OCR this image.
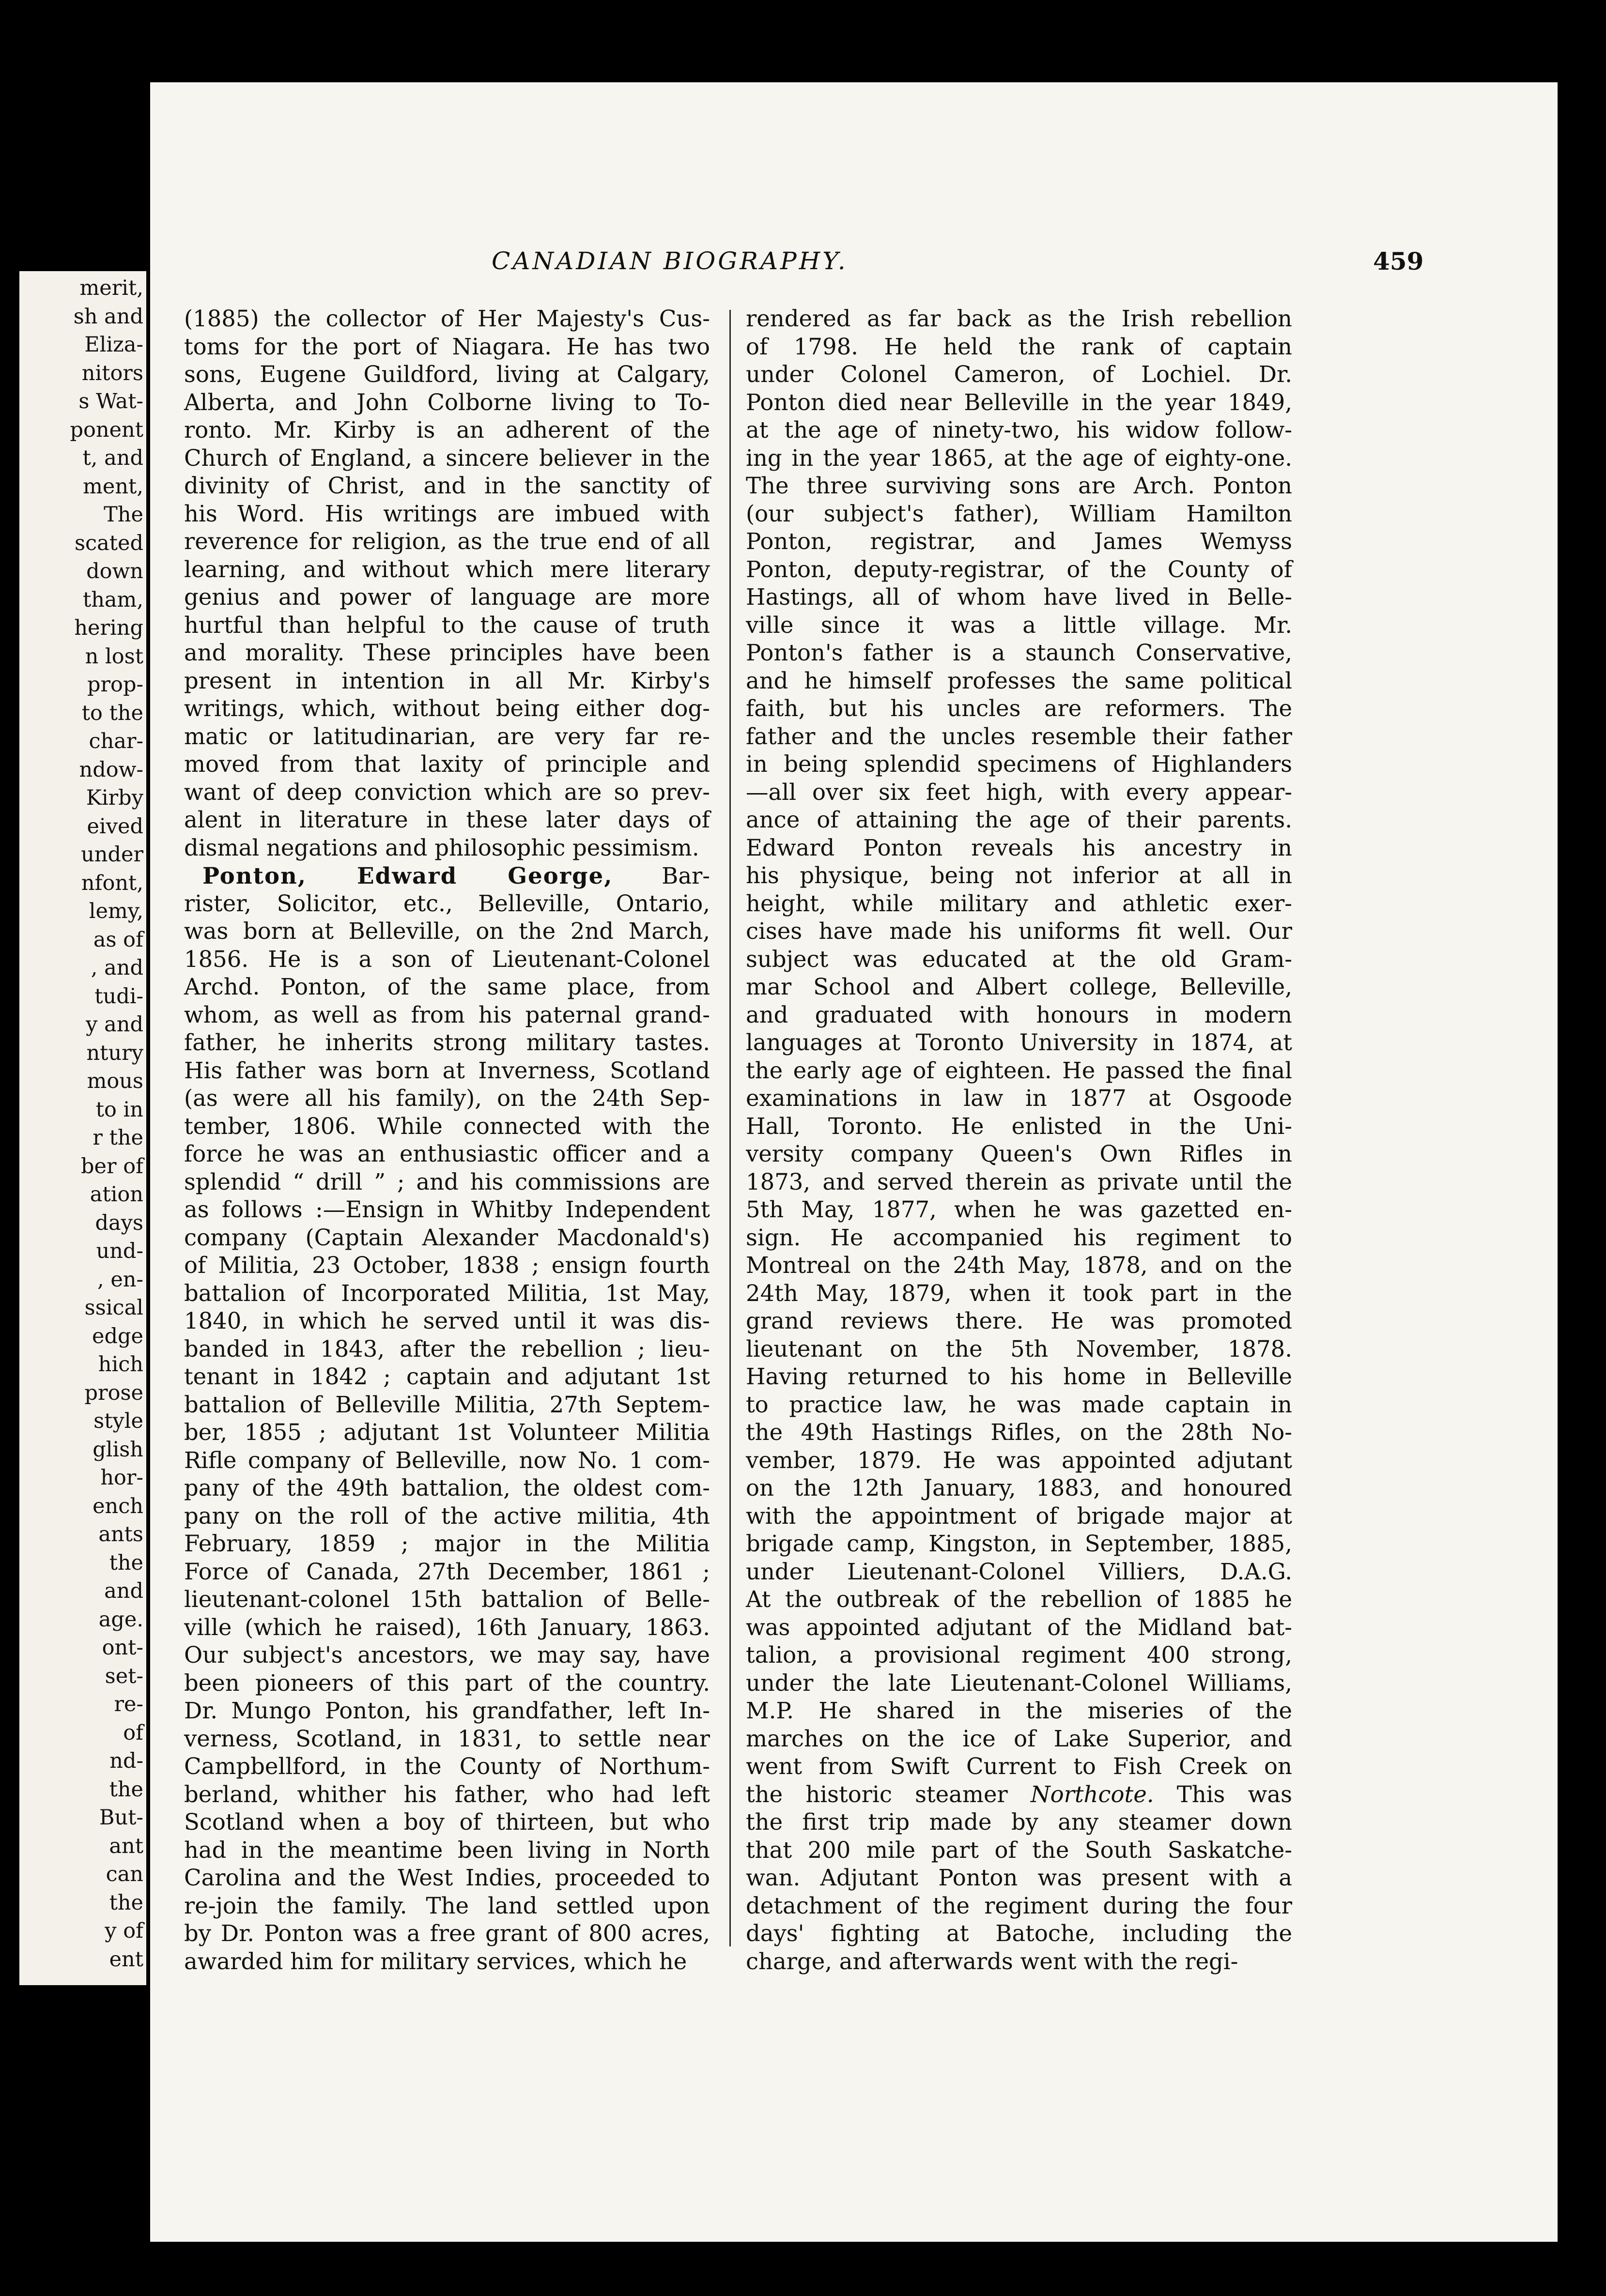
merit,
sh and
Eliza-
nitors
s Wat-
ponent
t, and
ment,
The
scated
down
tham,
hering
n lost
prop-
to the
char-
ndow-
Kirby
eived
under
nfont,
lemy,
as of
, and
tudi-
y and
ntury
mous
to in
r the
ber of
ation
days
und-
, en-
ssical
edge
hich
prose
style
glish
hor-
ench
ants
the
and
age.
ont-
set-
re-
of
nd-
the
But-
ant
can
the
y of
ent
CANADIAN BIOGRAPHY.	459
(1885) the collector of Her Majesty's Cus-
toms for the port of Niagara. He has two
sons, Eugene Guildford, living at Calgary,
Alberta, and John Colborne living to To-
ronto. Mr. Kirby is an adherent of the
Church of England, a sincere believer in the
divinity of Christ, and in the sanctity of
his Word. His writings are imbued with
reverence for religion, as the true end of all
learning, and without which mere literary
genius and power of language are more
hurtful than helpful to the cause of truth
and morality. These principles have been
present in intention in all Mr. Kirby's
writings, which, without being either dog-
matic or latitudinarian, are very far re-
moved from that laxity of principle and
want of deep conviction which are so prev-
alent in literature in these later days of
dismal negations and philosophic pessimism.
Ponton, Edward George, Bar-
rister, Solicitor, etc., Belleville, Ontario,
was born at Belleville, on the 2nd March,
1856. He is a son of Lieutenant-Colonel
Archd. Ponton, of the same place, from
whom, as well as from his paternal grand-
father, he inherits strong military tastes.
His father was born at Inverness, Scotland
(as were all his family), on the 24th Sep-
tember, 1806. While connected with the
force he was an enthusiastic officer and a
splendid “ drill ” ; and his commissions are
as follows :—Ensign in Whitby Independent
company (Captain Alexander Macdonald's)
of Militia, 23 October, 1838 ; ensign fourth
battalion of Incorporated Militia, 1st May,
1840, in which he served until it was dis-
banded in 1843, after the rebellion ; lieu-
tenant in 1842 ; captain and adjutant 1st
battalion of Belleville Militia, 27th Septem-
ber, 1855 ; adjutant 1st Volunteer Militia
Rifle company of Belleville, now No. 1 com-
pany of the 49th battalion, the oldest com-
pany on the roll of the active militia, 4th
February, 1859 ; major in the Militia
Force of Canada, 27th December, 1861 ;
lieutenant-colonel 15th battalion of Belle-
ville (which he raised), 16th January, 1863.
Our subject's ancestors, we may say, have
been pioneers of this part of the country.
Dr. Mungo Ponton, his grandfather, left In-
verness, Scotland, in 1831, to settle near
Campbellford, in the County of Northum-
berland, whither his father, who had left
Scotland when a boy of thirteen, but who
had in the meantime been living in North
Carolina and the West Indies, proceeded to
re-join the family. The land settled upon
by Dr. Ponton was a free grant of 800 acres,
awarded him for military services, which he
rendered as far back as the Irish rebellion
of 1798. He held the rank of captain
under Colonel Cameron, of Lochiel. Dr.
Ponton died near Belleville in the year 1849,
at the age of ninety-two, his widow follow-
ing in the year 1865, at the age of eighty-one.
The three surviving sons are Arch. Ponton
(our subject's father), William Hamilton
Ponton, registrar, and James Wemyss
Ponton, deputy-registrar, of the County of
Hastings, all of whom have lived in Belle-
ville since it was a little village. Mr.
Ponton's father is a staunch Conservative,
and he himself professes the same political
faith, but his uncles are reformers. The
father and the uncles resemble their father
in being splendid specimens of Highlanders
—all over six feet high, with every appear-
ance of attaining the age of their parents.
Edward Ponton reveals his ancestry in
his physique, being not inferior at all in
height, while military and athletic exer-
cises have made his uniforms fit well. Our
subject was educated at the old Gram-
mar School and Albert college, Belleville,
and graduated with honours in modern
languages at Toronto University in 1874, at
the early age of eighteen. He passed the final
examinations in law in 1877 at Osgoode
Hall, Toronto. He enlisted in the Uni-
versity company Queen's Own Rifles in
1873, and served therein as private until the
5th May, 1877, when he was gazetted en-
sign. He accompanied his regiment to
Montreal on the 24th May, 1878, and on the
24th May, 1879, when it took part in the
grand reviews there. He was promoted
lieutenant on the 5th November, 1878.
Having returned to his home in Belleville
to practice law, he was made captain in
the 49th Hastings Rifles, on the 28th No-
vember, 1879. He was appointed adjutant
on the 12th January, 1883, and honoured
with the appointment of brigade major at
brigade camp, Kingston, in September, 1885,
under Lieutenant-Colonel Villiers, D.A.G.
At the outbreak of the rebellion of 1885 he
was appointed adjutant of the Midland bat-
talion, a provisional regiment 400 strong,
under the late Lieutenant-Colonel Williams,
M.P. He shared in the miseries of the
marches on the ice of Lake Superior, and
went from Swift Current to Fish Creek on
the historic steamer Northcote. This was
the first trip made by any steamer down
that 200 mile part of the South Saskatche-
wan. Adjutant Ponton was present with a
detachment of the regiment during the four
days' fighting at Batoche, including the
charge, and afterwards went with the regi-
